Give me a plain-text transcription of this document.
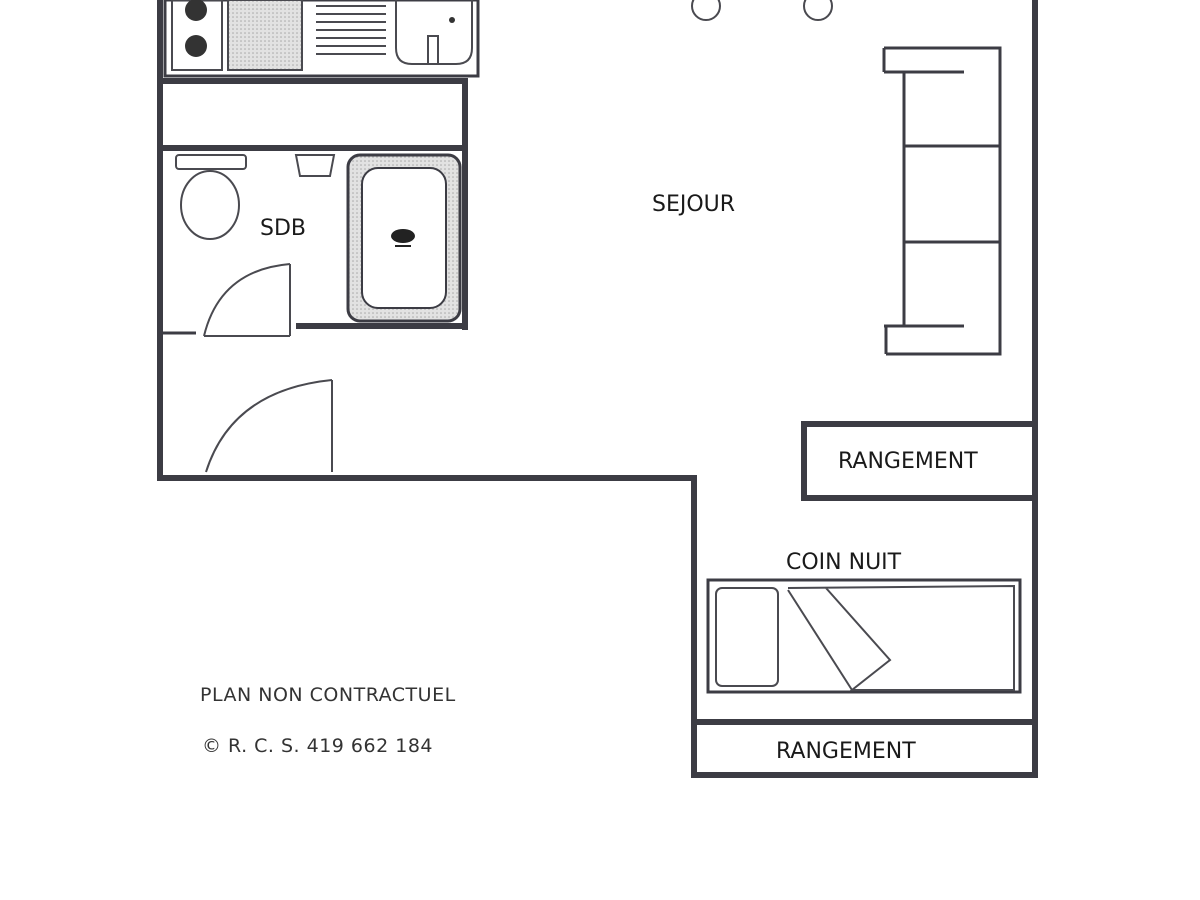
SDB
SEJOUR
RANGEMENT
COIN NUIT
RANGEMENT
PLAN NON CONTRACTUEL
© R. C. S. 419 662 184
